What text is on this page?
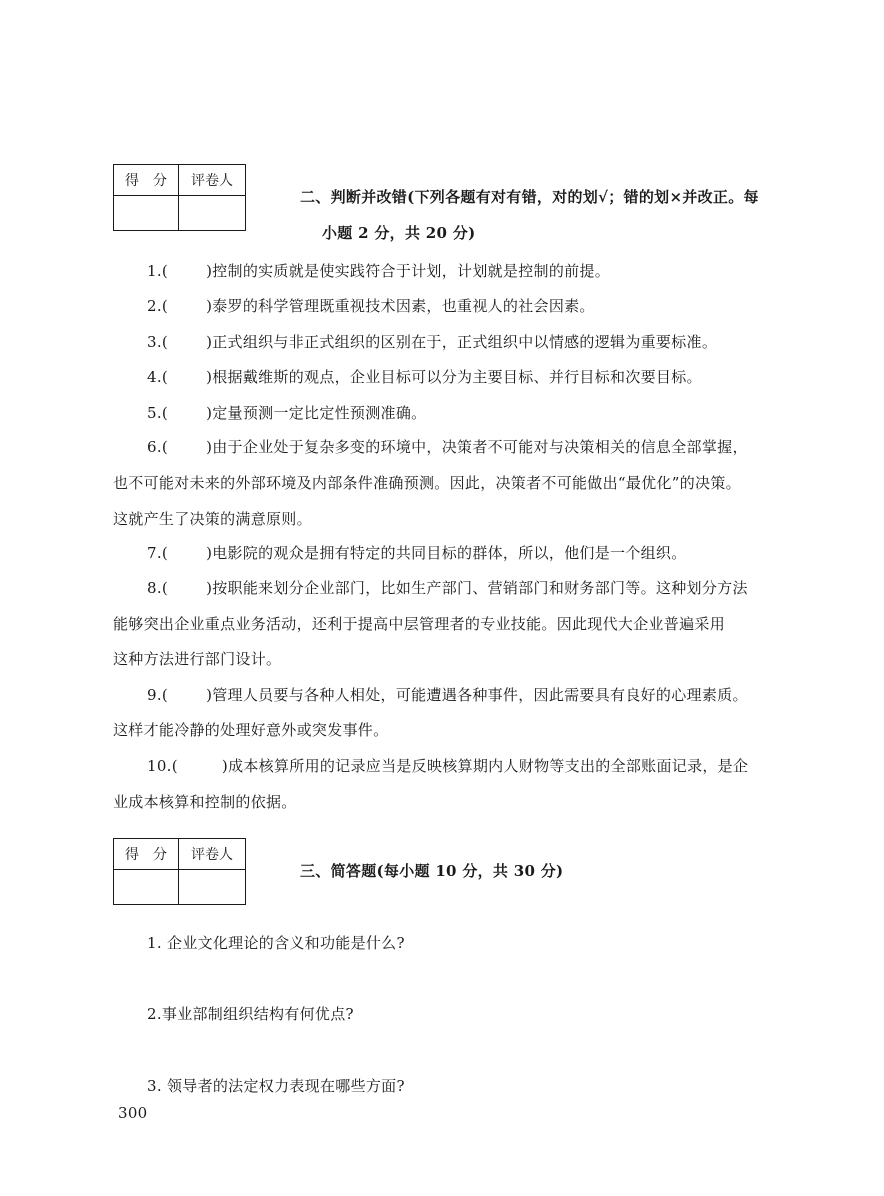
得　分	评卷人

二、判断并改错(下列各题有对有错，对的划√；错的划×并改正。每
小题 2 分，共 20 分)
1.(	)控制的实质就是使实践符合于计划，计划就是控制的前提。
2.(	)泰罗的科学管理既重视技术因素，也重视人的社会因素。
3.(	)正式组织与非正式组织的区别在于，正式组织中以情感的逻辑为重要标准。
4.(	)根据戴维斯的观点，企业目标可以分为主要目标、并行目标和次要目标。
5.(	)定量预测一定比定性预测准确。
6.(	)由于企业处于复杂多变的环境中，决策者不可能对与决策相关的信息全部掌握，
也不可能对未来的外部环境及内部条件准确预测。因此，决策者不可能做出“最优化”的决策。
这就产生了决策的满意原则。
7.(	)电影院的观众是拥有特定的共同目标的群体，所以，他们是一个组织。
8.(	)按职能来划分企业部门，比如生产部门、营销部门和财务部门等。这种划分方法
能够突出企业重点业务活动，还利于提高中层管理者的专业技能。因此现代大企业普遍采用
这种方法进行部门设计。
9.(	)管理人员要与各种人相处，可能遭遇各种事件，因此需要具有良好的心理素质。
这样才能冷静的处理好意外或突发事件。
10.(	)成本核算所用的记录应当是反映核算期内人财物等支出的全部账面记录，是企
业成本核算和控制的依据。
得　分	评卷人

三、简答题(每小题 10 分，共 30 分)
1. 企业文化理论的含义和功能是什么?
2.事业部制组织结构有何优点?
3. 领导者的法定权力表现在哪些方面?
300
